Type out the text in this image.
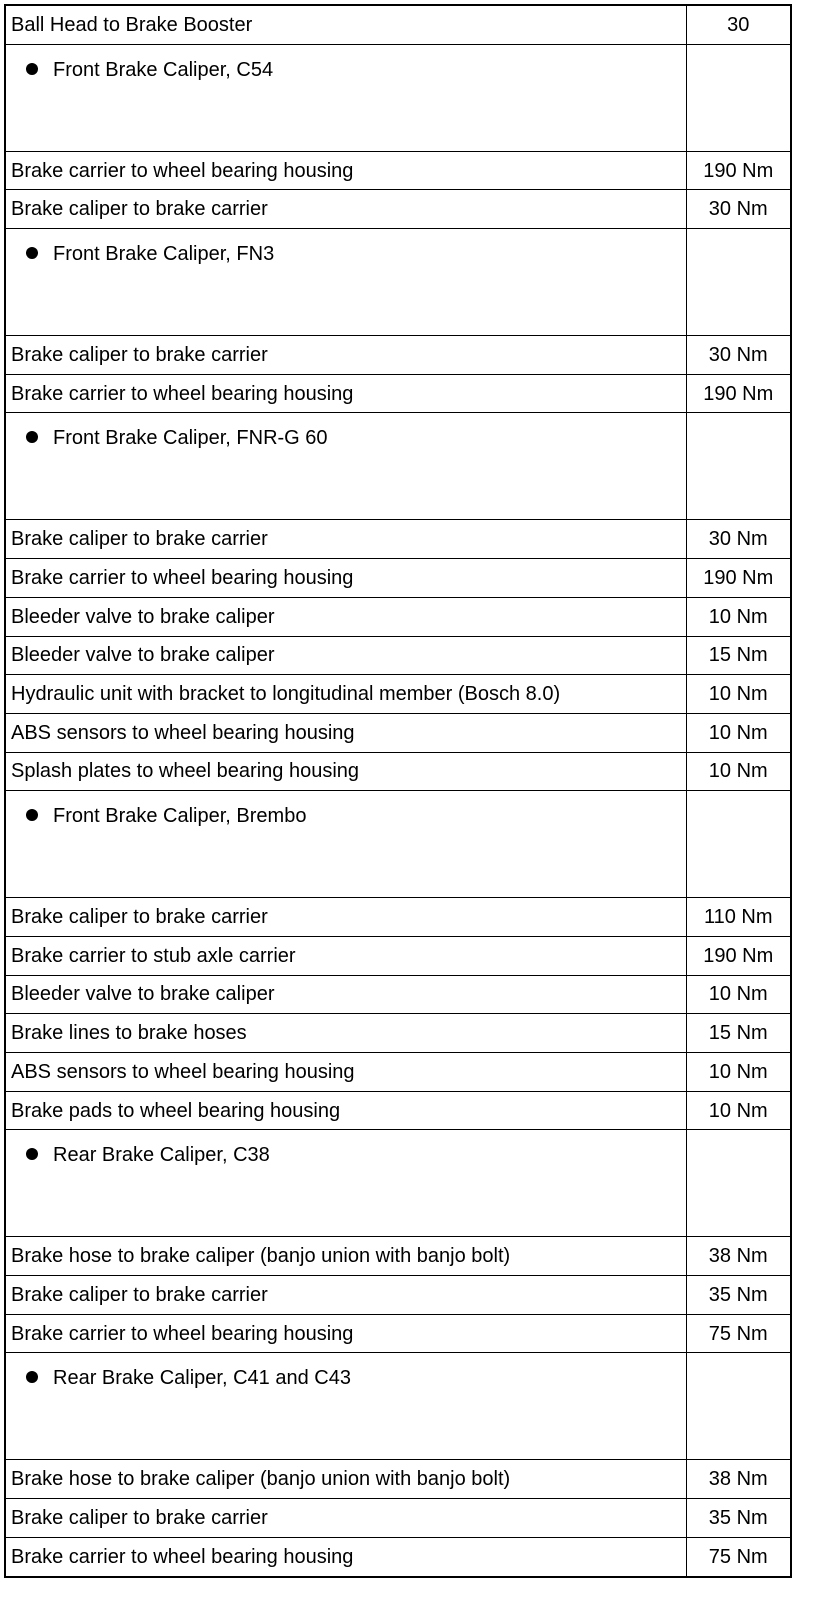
Ball Head to Brake Booster	30
Front Brake Caliper, C54	
Brake carrier to wheel bearing housing	190 Nm
Brake caliper to brake carrier	30 Nm
Front Brake Caliper, FN3	
Brake caliper to brake carrier	30 Nm
Brake carrier to wheel bearing housing	190 Nm
Front Brake Caliper, FNR-G 60	
Brake caliper to brake carrier	30 Nm
Brake carrier to wheel bearing housing	190 Nm
Bleeder valve to brake caliper	10 Nm
Bleeder valve to brake caliper	15 Nm
Hydraulic unit with bracket to longitudinal member (Bosch 8.0)	10 Nm
ABS sensors to wheel bearing housing	10 Nm
Splash plates to wheel bearing housing	10 Nm
Front Brake Caliper, Brembo	
Brake caliper to brake carrier	110 Nm
Brake carrier to stub axle carrier	190 Nm
Bleeder valve to brake caliper	10 Nm
Brake lines to brake hoses	15 Nm
ABS sensors to wheel bearing housing	10 Nm
Brake pads to wheel bearing housing	10 Nm
Rear Brake Caliper, C38	
Brake hose to brake caliper (banjo union with banjo bolt)	38 Nm
Brake caliper to brake carrier	35 Nm
Brake carrier to wheel bearing housing	75 Nm
Rear Brake Caliper, C41 and C43	
Brake hose to brake caliper (banjo union with banjo bolt)	38 Nm
Brake caliper to brake carrier	35 Nm
Brake carrier to wheel bearing housing	75 Nm
